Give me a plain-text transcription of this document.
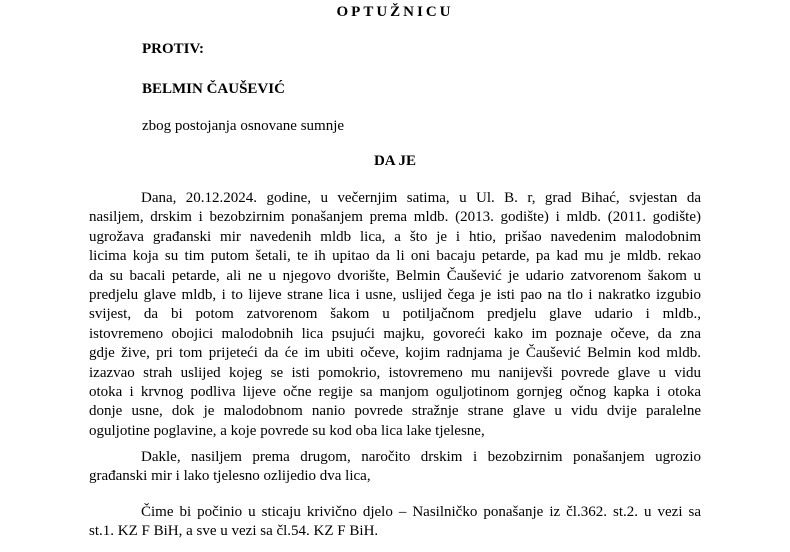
OPTUŽNICU
PROTIV:
BELMIN ČAUŠEVIĆ
zbog postojanja osnovane sumnje
DA JE
Dana, 20.12.2024. godine, u večernjim satima, u Ul. B. r, grad Bihać, svjestan da
nasiljem, drskim i bezobzirnim ponašanjem prema mldb. (2013. godište) i mldb. (2011. godište)
ugrožava građanski mir navedenih mldb lica, a što je i htio, prišao navedenim malodobnim
licima koja su tim putom šetali, te ih upitao da li oni bacaju petarde, pa kad mu je mldb. rekao
da su bacali petarde, ali ne u njegovo dvorište, Belmin Čaušević je udario zatvorenom šakom u
predjelu glave mldb, i to lijeve strane lica i usne, uslijed čega je isti pao na tlo i nakratko izgubio
svijest, da bi potom zatvorenom šakom u potiljačnom predjelu glave udario i mldb.,
istovremeno obojici malodobnih lica psujući majku, govoreći kako im poznaje očeve, da zna
gdje žive, pri tom prijeteći da će im ubiti očeve, kojim radnjama je Čaušević Belmin kod mldb.
izazvao strah uslijed kojeg se isti pomokrio, istovremeno mu nanijevši povrede glave u vidu
otoka i krvnog podliva lijeve očne regije sa manjom oguljotinom gornjeg očnog kapka i otoka
donje usne, dok je malodobnom nanio povrede stražnje strane glave u vidu dvije paralelne
oguljotine poglavine, a koje povrede su kod oba lica lake tjelesne,
Dakle, nasiljem prema drugom, naročito drskim i bezobzirnim ponašanjem ugrozio
građanski mir i lako tjelesno ozlijedio dva lica,
Čime bi počinio u sticaju krivično djelo – Nasilničko ponašanje iz čl.362. st.2. u vezi sa
st.1. KZ F BiH, a sve u vezi sa čl.54. KZ F BiH.
